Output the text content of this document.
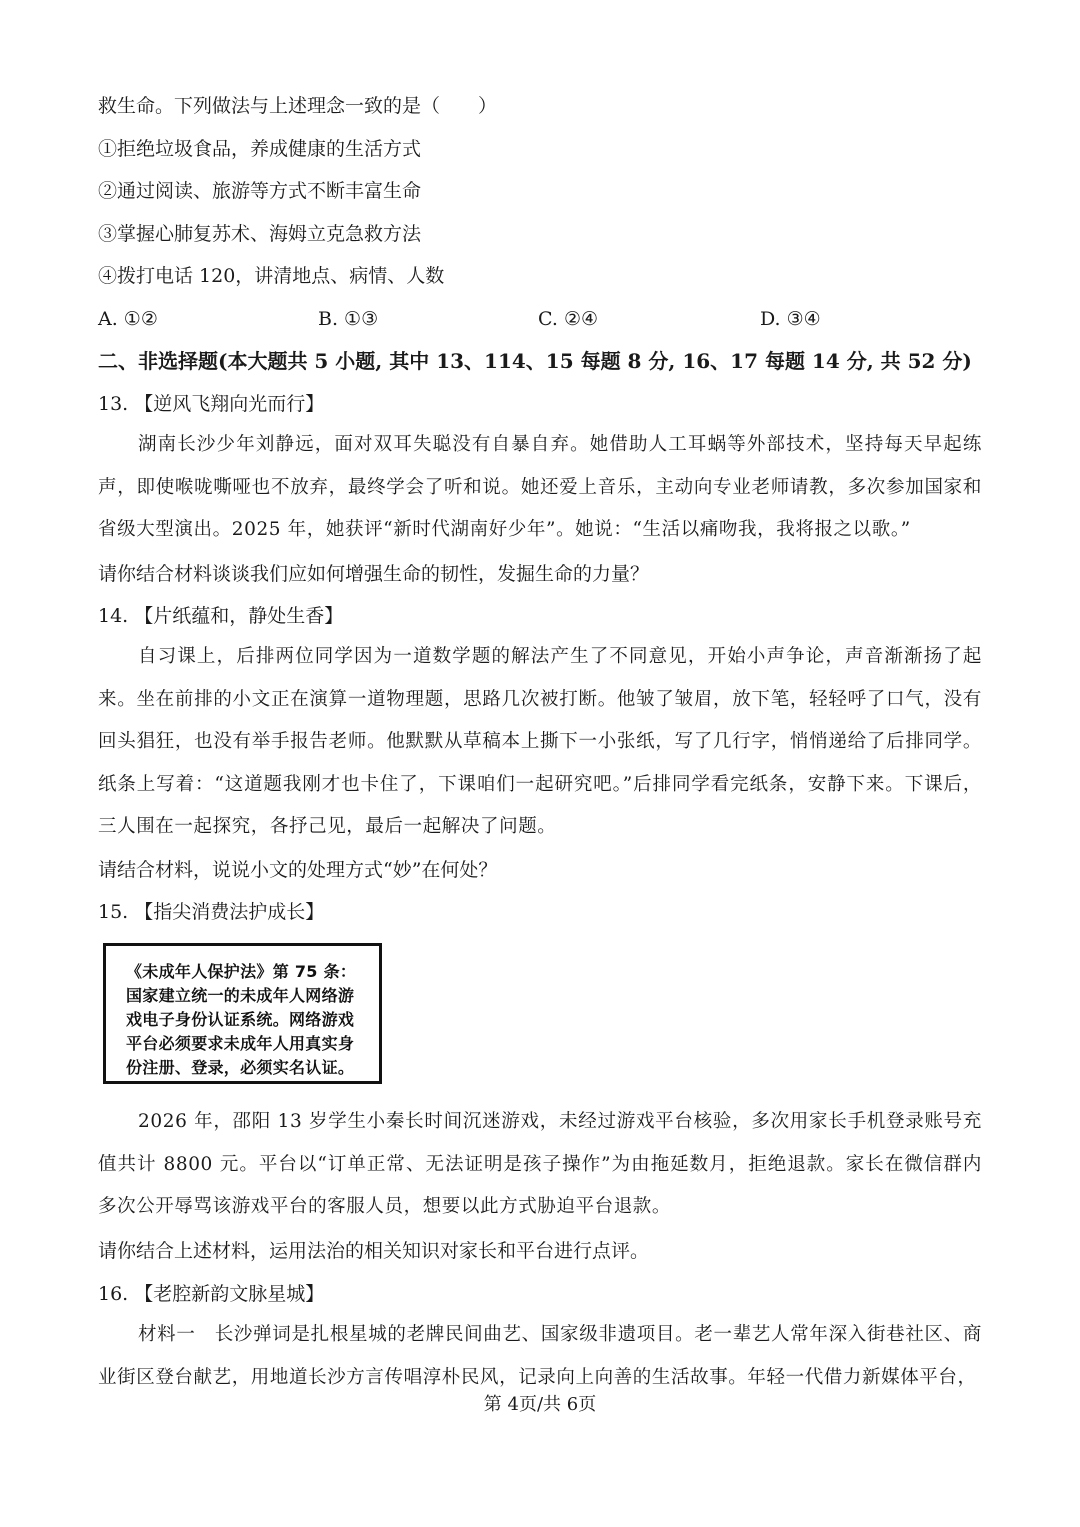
救生命。下列做法与上述理念一致的是（　　）
①拒绝垃圾食品，养成健康的生活方式
②通过阅读、旅游等方式不断丰富生命
③掌握心肺复苏术、海姆立克急救方法
④拨打电话 120，讲清地点、病情、人数
A. ①②	B. ①③	C. ②④	D. ③④
二、非选择题(本大题共 5 小题, 其中 13、114、15 每题 8 分, 16、17 每题 14 分, 共 52 分)
13. 【逆风飞翔向光而行】

湖南长沙少年刘静远，面对双耳失聪没有自暴自弃。她借助人工耳蜗等外部技术，坚持每天早起练声，即使喉咙嘶哑也不放弃，最终学会了听和说。她还爱上音乐，主动向专业老师请教，多次参加国家和省级大型演出。2025 年，她获评“新时代湖南好少年”。她说：“生活以痛吻我，我将报之以歌。”

请你结合材料谈谈我们应如何增强生命的韧性，发掘生命的力量？
14. 【片纸蕴和，静处生香】

自习课上，后排两位同学因为一道数学题的解法产生了不同意见，开始小声争论，声音渐渐扬了起来。坐在前排的小文正在演算一道物理题，思路几次被打断。他皱了皱眉，放下笔，轻轻呼了口气，没有回头猖狂，也没有举手报告老师。他默默从草稿本上撕下一小张纸，写了几行字，悄悄递给了后排同学。纸条上写着：“这道题我刚才也卡住了，下课咱们一起研究吧。”后排同学看完纸条，安静下来。下课后，三人围在一起探究，各抒己见，最后一起解决了问题。

请结合材料，说说小文的处理方式“妙”在何处？
15. 【指尖消费法护成长】

《未成年人保护法》第 75 条：国家建立统一的未成年人网络游戏电子身份认证系统。网络游戏平台必须要求未成年人用真实身份注册、登录，必须实名认证。

2026 年，邵阳 13 岁学生小秦长时间沉迷游戏，未经过游戏平台核验，多次用家长手机登录账号充值共计 8800 元。平台以“订单正常、无法证明是孩子操作”为由拖延数月，拒绝退款。家长在微信群内多次公开辱骂该游戏平台的客服人员，想要以此方式胁迫平台退款。

请你结合上述材料，运用法治的相关知识对家长和平台进行点评。
16. 【老腔新韵文脉星城】

材料一　长沙弹词是扎根星城的老牌民间曲艺、国家级非遗项目。老一辈艺人常年深入街巷社区、商业街区登台献艺，用地道长沙方言传唱淳朴民风，记录向上向善的生活故事。年轻一代借力新媒体平台，

第 4页/共 6页
